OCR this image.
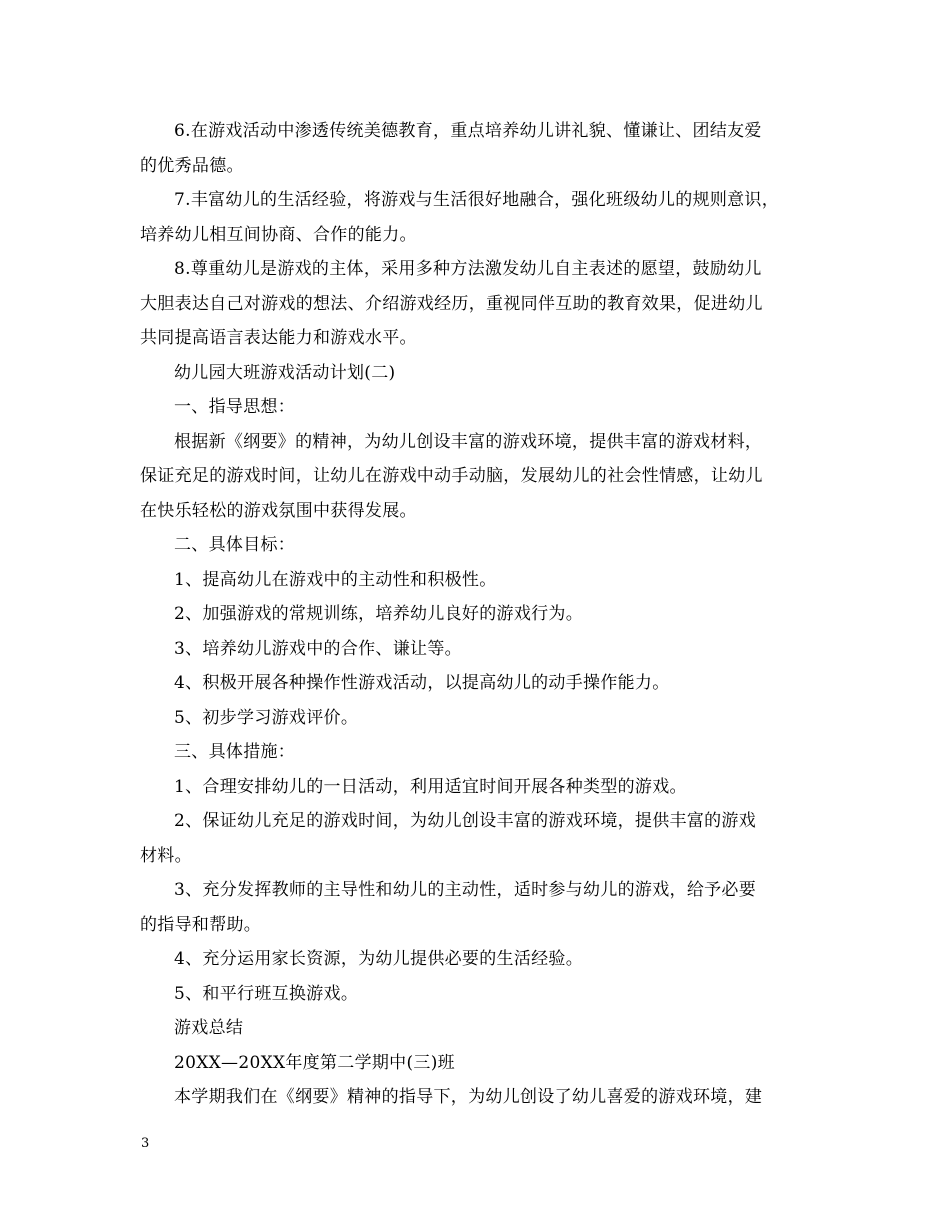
6.在游戏活动中渗透传统美德教育，重点培养幼儿讲礼貌、懂谦让、团结友爱
的优秀品德。
7.丰富幼儿的生活经验，将游戏与生活很好地融合，强化班级幼儿的规则意识，
培养幼儿相互间协商、合作的能力。
8.尊重幼儿是游戏的主体，采用多种方法激发幼儿自主表述的愿望，鼓励幼儿
大胆表达自己对游戏的想法、介绍游戏经历，重视同伴互助的教育效果，促进幼儿
共同提高语言表达能力和游戏水平。
幼儿园大班游戏活动计划(二)
一、指导思想：
根据新《纲要》的精神，为幼儿创设丰富的游戏环境，提供丰富的游戏材料，
保证充足的游戏时间，让幼儿在游戏中动手动脑，发展幼儿的社会性情感，让幼儿
在快乐轻松的游戏氛围中获得发展。
二、具体目标：
1、提高幼儿在游戏中的主动性和积极性。
2、加强游戏的常规训练，培养幼儿良好的游戏行为。
3、培养幼儿游戏中的合作、谦让等。
4、积极开展各种操作性游戏活动，以提高幼儿的动手操作能力。
5、初步学习游戏评价。
三、具体措施：
1、合理安排幼儿的一日活动，利用适宜时间开展各种类型的游戏。
2、保证幼儿充足的游戏时间，为幼儿创设丰富的游戏环境，提供丰富的游戏
材料。
3、充分发挥教师的主导性和幼儿的主动性，适时参与幼儿的游戏，给予必要
的指导和帮助。
4、充分运用家长资源，为幼儿提供必要的生活经验。
5、和平行班互换游戏。
游戏总结
20XX—20XX年度第二学期中(三)班
本学期我们在《纲要》精神的指导下，为幼儿创设了幼儿喜爱的游戏环境，建
3
